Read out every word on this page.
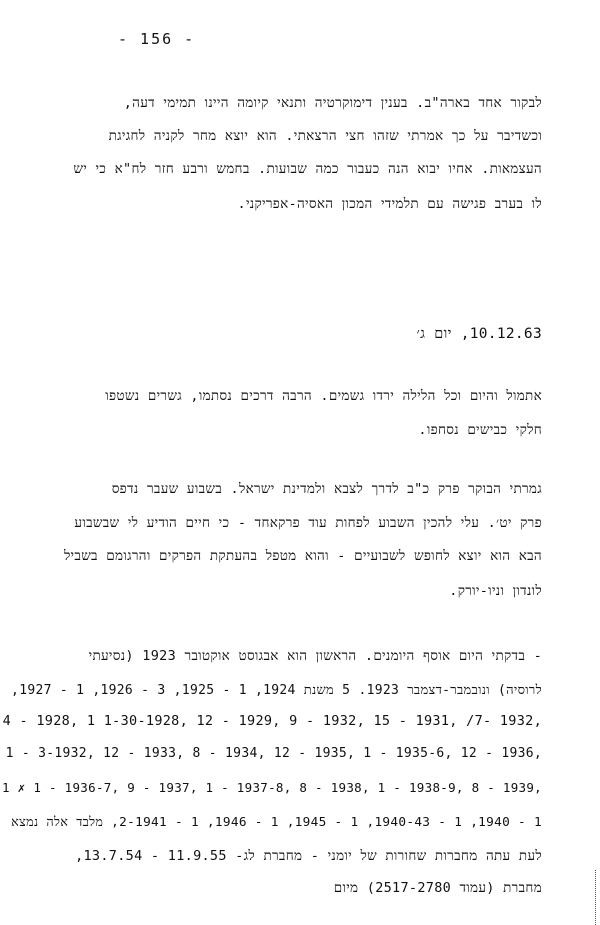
- 156 -
לבקור אחד בארה"ב. בענין דימוקרטיה ותנאי קיומה היינו תמימי דעה,
וכשדיבר על כך אמרתי שזהו חצי הרצאתי. הוא יוצא מחר לקניה לחגיגת
העצמאות. אחיו יבוא הנה כעבור כמה שבועות. בחמש ורבע חזר לח"א כי יש
לו בערב פגישה עם תלמידי המכון האסיה-אפריקני.
10.12.63, יום ג׳
אתמול והיום וכל הלילה ירדו גשמים. הרבה דרכים נסתמו, גשרים נשטפו
חלקי כבישים נסחפו.
גמרתי הבוקר פרק כ"ב לדרך לצבא ולמדינת ישראל. בשבוע שעבר נדפס
פרק יט׳. עלי להכין השבוע לפחות עוד פרקאחד - כי חיים הודיע לי שבשבוע
הבא הוא יוצא לחופש לשבועיים - והוא מטפל בהעתקת הפרקים והרגומם בשביל
לונדון וניו-יורק.
- בדקתי היום אוסף היומנים. הראשון הוא אבגוסט אוקטובר 1923 (נסיעתי
לרוסיה) ונובמבר-דצמבר 1923. 5 משנת 1924, 1 - 1925, 3 - 1926, 1 - 1927,
4 - 1928, 1 1-30-1928, 12 - 1929, 9 - 1932, 15 - 1931, /7- 1932,
1 - 3-1932, 12 - 1933, 8 - 1934, 12 - 1935, 1 - 1935-6, 12 - 1936,
1 ✗ 1 - 1936-7, 9 - 1937, 1 - 1937-8, 8 - 1938, 1 - 1938-9, 8 - 1939,
1 - 1940, 1 - 1940-43, 1 - 1945, 1 - 1946, 1 - 2-1941, מלבד אלה נמצא
לעת עתה מחברות שחורות של יומני - מחברת לג- 11.9.55 - 13.7.54,
מחברת (עמוד 2517-2780) מיום
